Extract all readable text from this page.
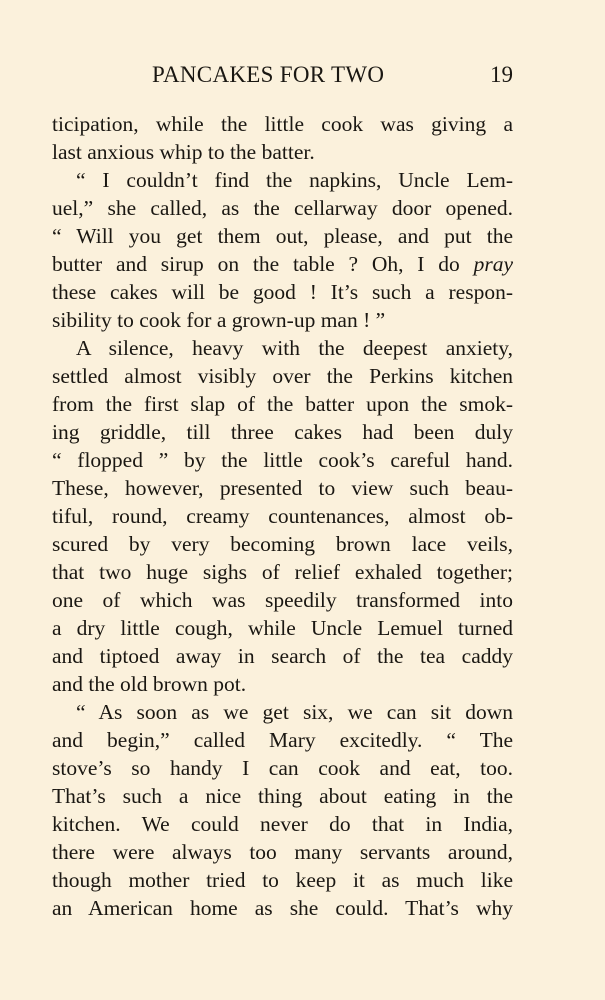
PANCAKES FOR TWO	19
ticipation, while the little cook was giving a
last anxious whip to the batter.
“ I couldn’t find the napkins, Uncle Lem-
uel,” she called, as the cellarway door opened.
“ Will you get them out, please, and put the
butter and sirup on the table ? Oh, I do pray
these cakes will be good ! It’s such a respon-
sibility to cook for a grown-up man ! ”
A silence, heavy with the deepest anxiety,
settled almost visibly over the Perkins kitchen
from the first slap of the batter upon the smok-
ing griddle, till three cakes had been duly
“ flopped ” by the little cook’s careful hand.
These, however, presented to view such beau-
tiful, round, creamy countenances, almost ob-
scured by very becoming brown lace veils,
that two huge sighs of relief exhaled together;
one of which was speedily transformed into
a dry little cough, while Uncle Lemuel turned
and tiptoed away in search of the tea caddy
and the old brown pot.
“ As soon as we get six, we can sit down
and begin,” called Mary excitedly. “ The
stove’s so handy I can cook and eat, too.
That’s such a nice thing about eating in the
kitchen. We could never do that in India,
there were always too many servants around,
though mother tried to keep it as much like
an American home as she could. That’s why
